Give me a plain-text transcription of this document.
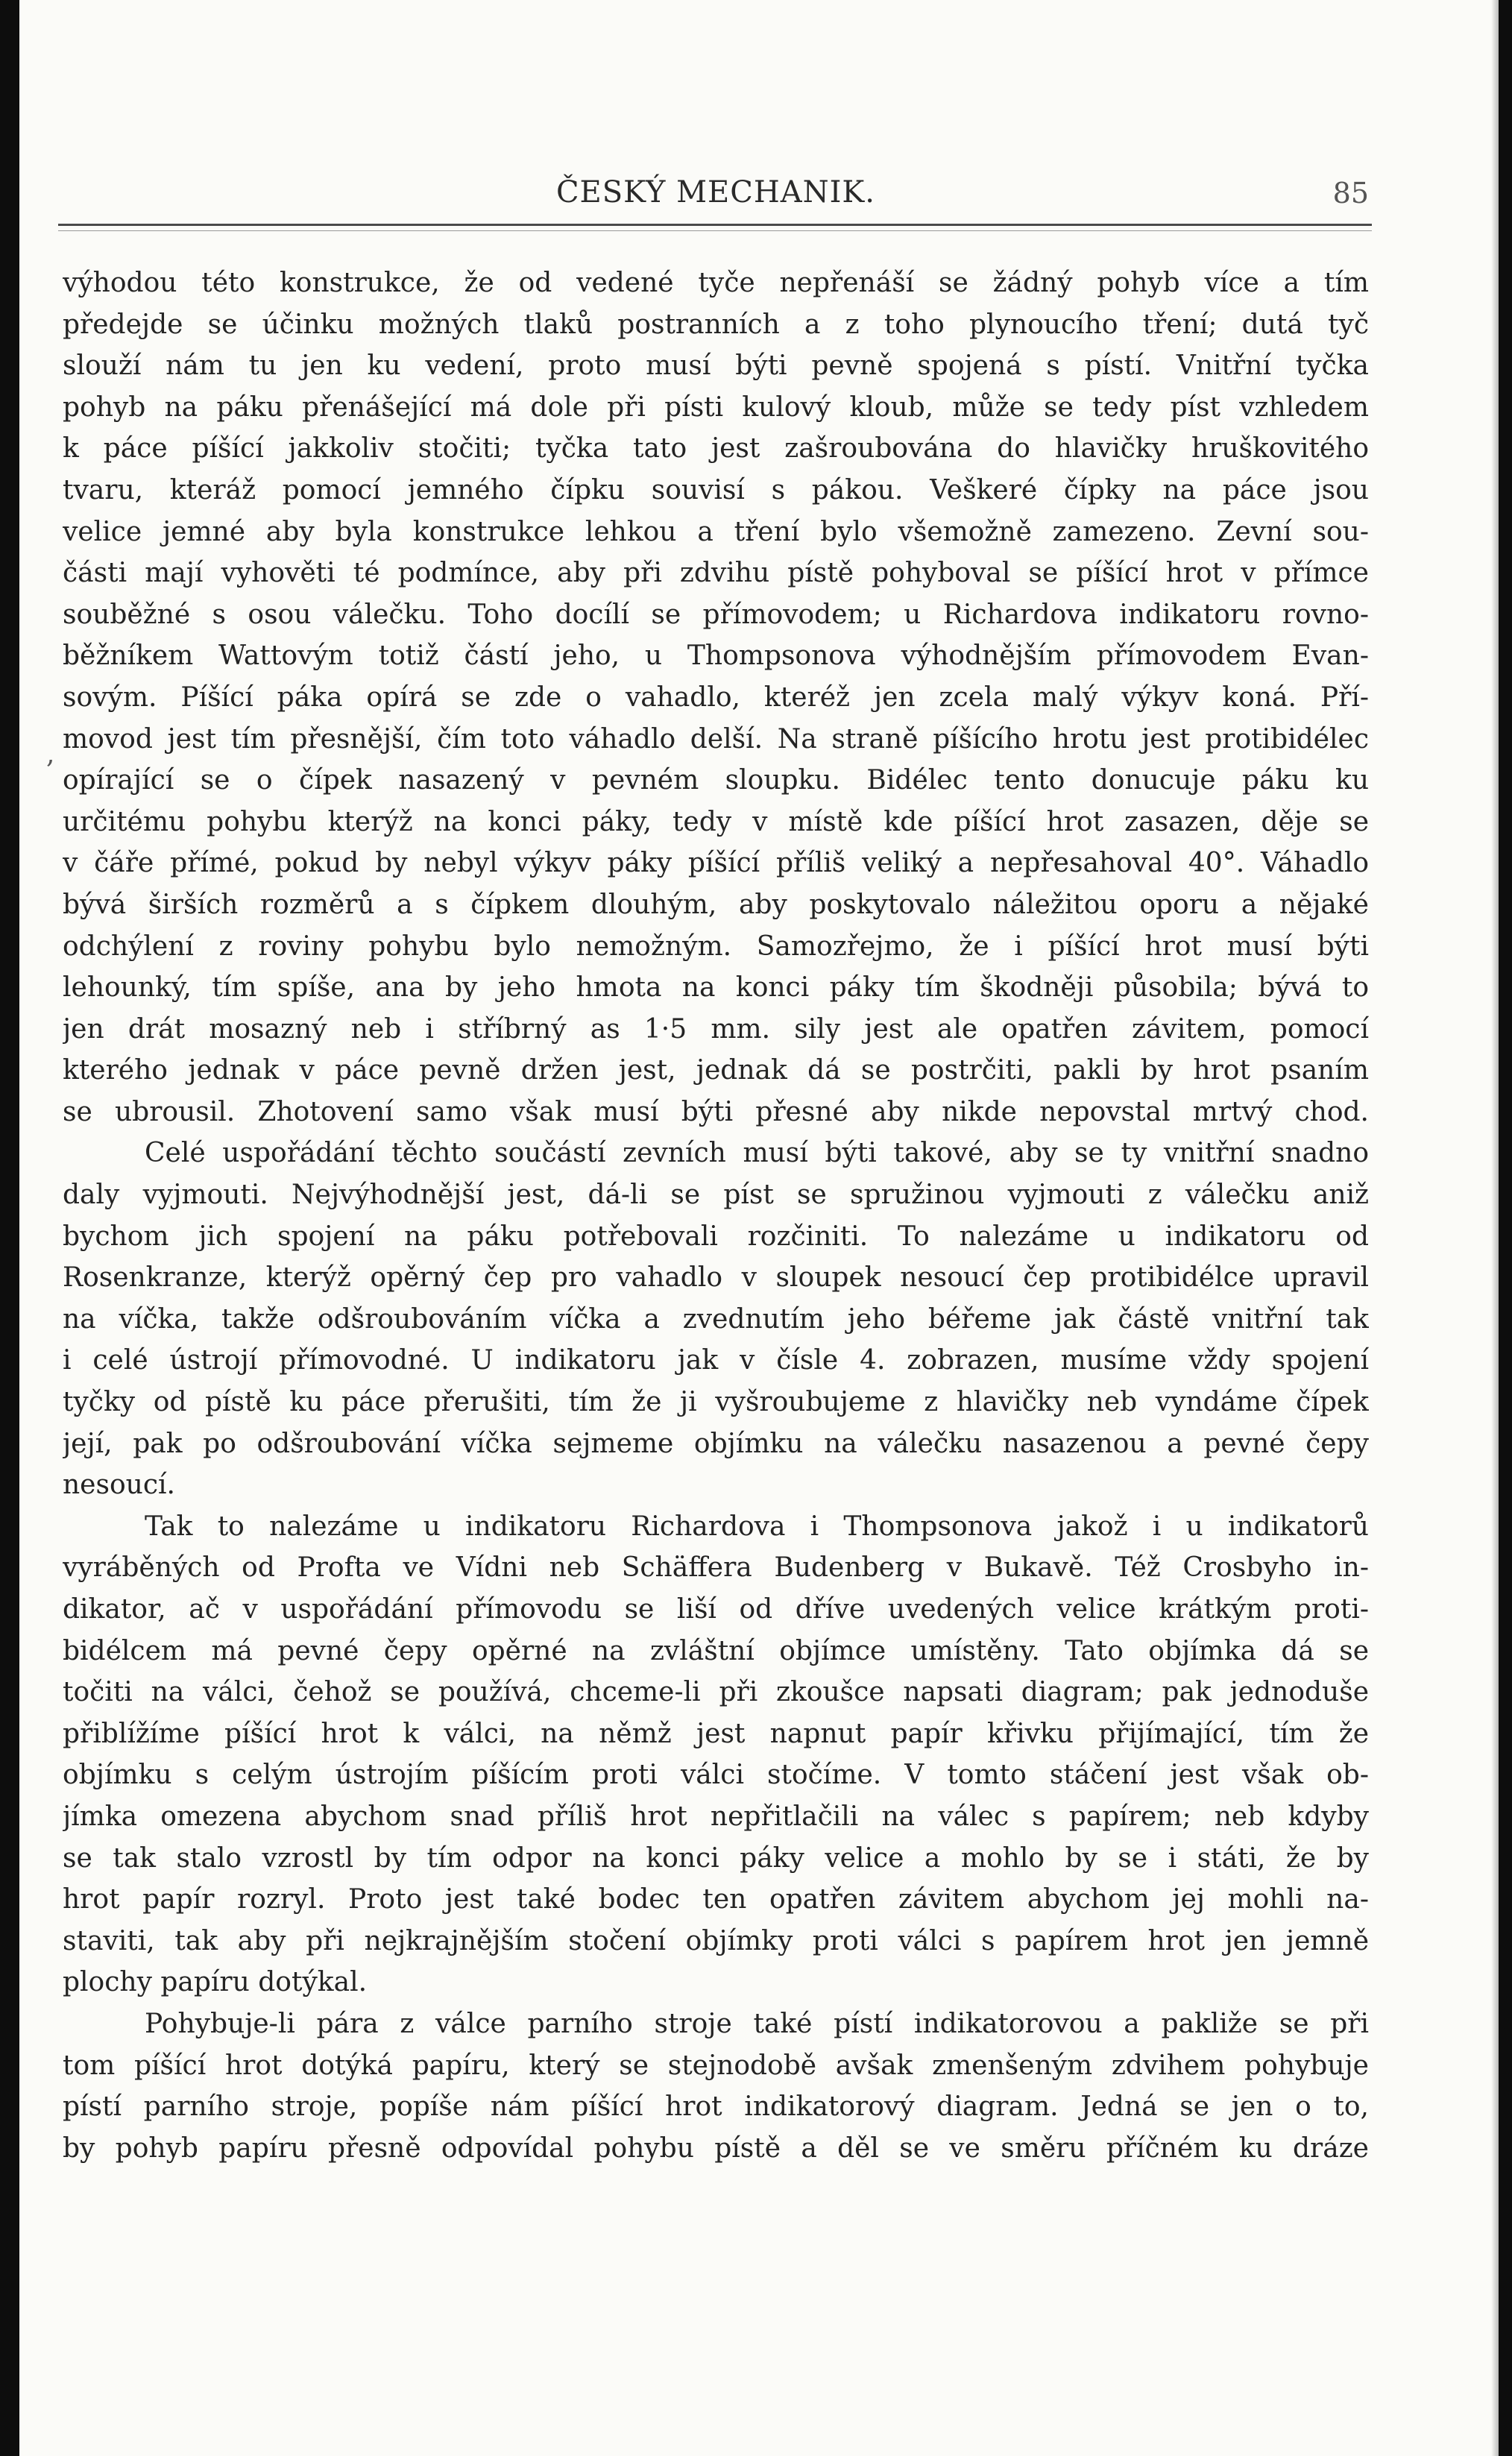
ČESKÝ MECHANIK.	85
,
výhodou této konstrukce, že od vedené tyče nepřenáší se žádný pohyb více a tím
předejde se účinku možných tlaků postranních a z toho plynoucího tření; dutá tyč
slouží nám tu jen ku vedení, proto musí býti pevně spojená s pístí. Vnitřní tyčka
pohyb na páku přenášející má dole při písti kulový kloub, může se tedy píst vzhledem
k páce píšící jakkoliv stočiti; tyčka tato jest zašroubována do hlavičky hruškovitého
tvaru, kteráž pomocí jemného čípku souvisí s pákou. Veškeré čípky na páce jsou
velice jemné aby byla konstrukce lehkou a tření bylo všemožně zamezeno. Zevní sou-
části mají vyhověti té podmínce, aby při zdvihu pístě pohyboval se píšící hrot v přímce
souběžné s osou válečku. Toho docílí se přímovodem; u Richardova indikatoru rovno-
běžníkem Wattovým totiž částí jeho, u Thompsonova výhodnějším přímovodem Evan-
sovým. Píšící páka opírá se zde o vahadlo, kteréž jen zcela malý výkyv koná. Pří-
movod jest tím přesnější, čím toto váhadlo delší. Na straně píšícího hrotu jest protibidélec
opírající se o čípek nasazený v pevném sloupku. Bidélec tento donucuje páku ku
určitému pohybu kterýž na konci páky, tedy v místě kde píšící hrot zasazen, děje se
v čáře přímé, pokud by nebyl výkyv páky píšící příliš veliký a nepřesahoval 40°. Váhadlo
bývá širších rozměrů a s čípkem dlouhým, aby poskytovalo náležitou oporu a nějaké
odchýlení z roviny pohybu bylo nemožným. Samozřejmo, že i píšící hrot musí býti
lehounký, tím spíše, ana by jeho hmota na konci páky tím škodněji působila; bývá to
jen drát mosazný neb i stříbrný as 1·5 mm. sily jest ale opatřen závitem, pomocí
kterého jednak v páce pevně držen jest, jednak dá se postrčiti, pakli by hrot psaním
se ubrousil. Zhotovení samo však musí býti přesné aby nikde nepovstal mrtvý chod.
Celé uspořádání těchto součástí zevních musí býti takové, aby se ty vnitřní snadno
daly vyjmouti. Nejvýhodnější jest, dá-li se píst se spružinou vyjmouti z válečku aniž
bychom jich spojení na páku potřebovali rozčiniti. To nalezáme u indikatoru od
Rosenkranze, kterýž opěrný čep pro vahadlo v sloupek nesoucí čep protibidélce upravil
na víčka, takže odšroubováním víčka a zvednutím jeho béřeme jak částě vnitřní tak
i celé ústrojí přímovodné. U indikatoru jak v čísle 4. zobrazen, musíme vždy spojení
tyčky od pístě ku páce přerušiti, tím že ji vyšroubujeme z hlavičky neb vyndáme čípek
její, pak po odšroubování víčka sejmeme objímku na válečku nasazenou a pevné čepy
nesoucí.
Tak to nalezáme u indikatoru Richardova i Thompsonova jakož i u indikatorů
vyráběných od Profta ve Vídni neb Schäffera Budenberg v Bukavě. Též Crosbyho in-
dikator, ač v uspořádání přímovodu se liší od dříve uvedených velice krátkým proti-
bidélcem má pevné čepy opěrné na zvláštní objímce umístěny. Tato objímka dá se
točiti na válci, čehož se používá, chceme-li při zkoušce napsati diagram; pak jednoduše
přiblížíme píšící hrot k válci, na němž jest napnut papír křivku přijímající, tím že
objímku s celým ústrojím píšícím proti válci stočíme. V tomto stáčení jest však ob-
jímka omezena abychom snad příliš hrot nepřitlačili na válec s papírem; neb kdyby
se tak stalo vzrostl by tím odpor na konci páky velice a mohlo by se i státi, že by
hrot papír rozryl. Proto jest také bodec ten opatřen závitem abychom jej mohli na-
staviti, tak aby při nejkrajnějším stočení objímky proti válci s papírem hrot jen jemně
plochy papíru dotýkal.
Pohybuje-li pára z válce parního stroje také pístí indikatorovou a pakliže se při
tom píšící hrot dotýká papíru, který se stejnodobě avšak zmenšeným zdvihem pohybuje
pístí parního stroje, popíše nám píšící hrot indikatorový diagram. Jedná se jen o to,
by pohyb papíru přesně odpovídal pohybu pístě a děl se ve směru příčném ku dráze
